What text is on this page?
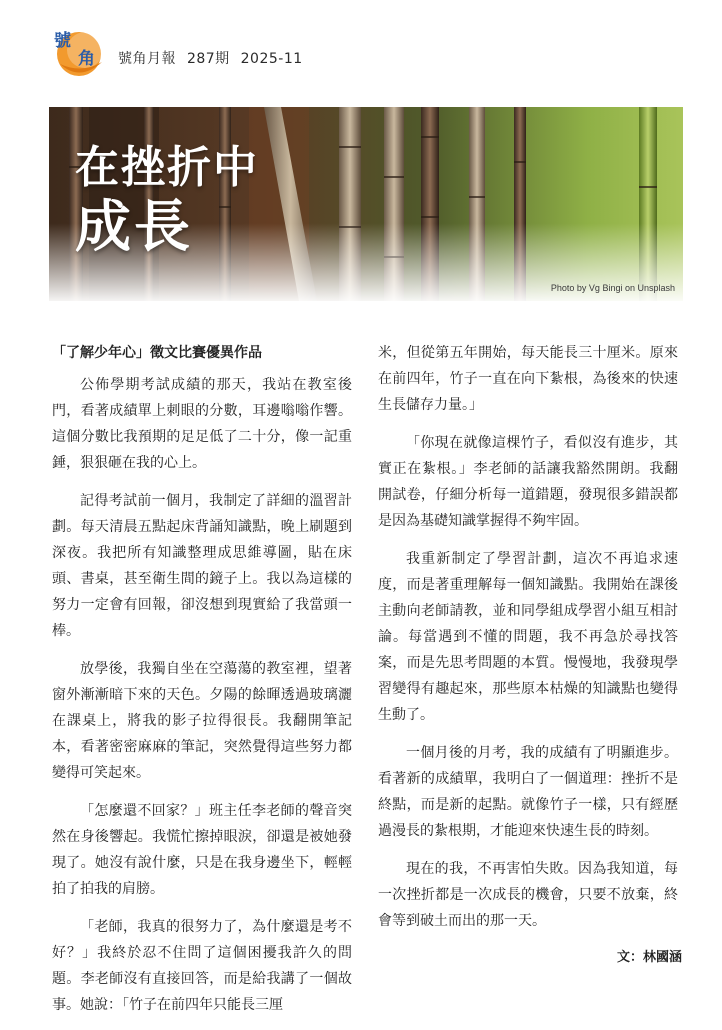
號
角 號角月報 287期 2025-11
在挫折中
成長
Photo by Vg Bingi on Unsplash
「了解少年心」徵文比賽優異作品

公佈學期考試成績的那天，我站在教室後門，看著成績單上刺眼的分數，耳邊嗡嗡作響。這個分數比我預期的足足低了二十分，像一記重錘，狠狠砸在我的心上。

記得考試前一個月，我制定了詳細的溫習計劃。每天清晨五點起床背誦知識點，晚上刷題到深夜。我把所有知識整理成思維導圖，貼在床頭、書桌，甚至衛生間的鏡子上。我以為這樣的努力一定會有回報，卻沒想到現實給了我當頭一棒。

放學後，我獨自坐在空蕩蕩的教室裡，望著窗外漸漸暗下來的天色。夕陽的餘暉透過玻璃灑在課桌上，將我的影子拉得很長。我翻開筆記本，看著密密麻麻的筆記，突然覺得這些努力都變得可笑起來。

「怎麼還不回家？」班主任李老師的聲音突然在身後響起。我慌忙擦掉眼淚，卻還是被她發現了。她沒有說什麼，只是在我身邊坐下，輕輕拍了拍我的肩膀。

「老師，我真的很努力了，為什麼還是考不好？」我終於忍不住問了這個困擾我許久的問題。李老師沒有直接回答，而是給我講了一個故事。她說：「竹子在前四年只能長三厘

米，但從第五年開始，每天能長三十厘米。原來在前四年，竹子一直在向下紮根，為後來的快速生長儲存力量。」

「你現在就像這棵竹子，看似沒有進步，其實正在紮根。」李老師的話讓我豁然開朗。我翻開試卷，仔細分析每一道錯題，發現很多錯誤都是因為基礎知識掌握得不夠牢固。

我重新制定了學習計劃，這次不再追求速度，而是著重理解每一個知識點。我開始在課後主動向老師請教，並和同學組成學習小組互相討論。每當遇到不懂的問題，我不再急於尋找答案，而是先思考問題的本質。慢慢地，我發現學習變得有趣起來，那些原本枯燥的知識點也變得生動了。

一個月後的月考，我的成績有了明顯進步。看著新的成績單，我明白了一個道理：挫折不是終點，而是新的起點。就像竹子一樣，只有經歷過漫長的紮根期，才能迎來快速生長的時刻。

現在的我，不再害怕失敗。因為我知道，每一次挫折都是一次成長的機會，只要不放棄，終會等到破土而出的那一天。

文：林國涵
